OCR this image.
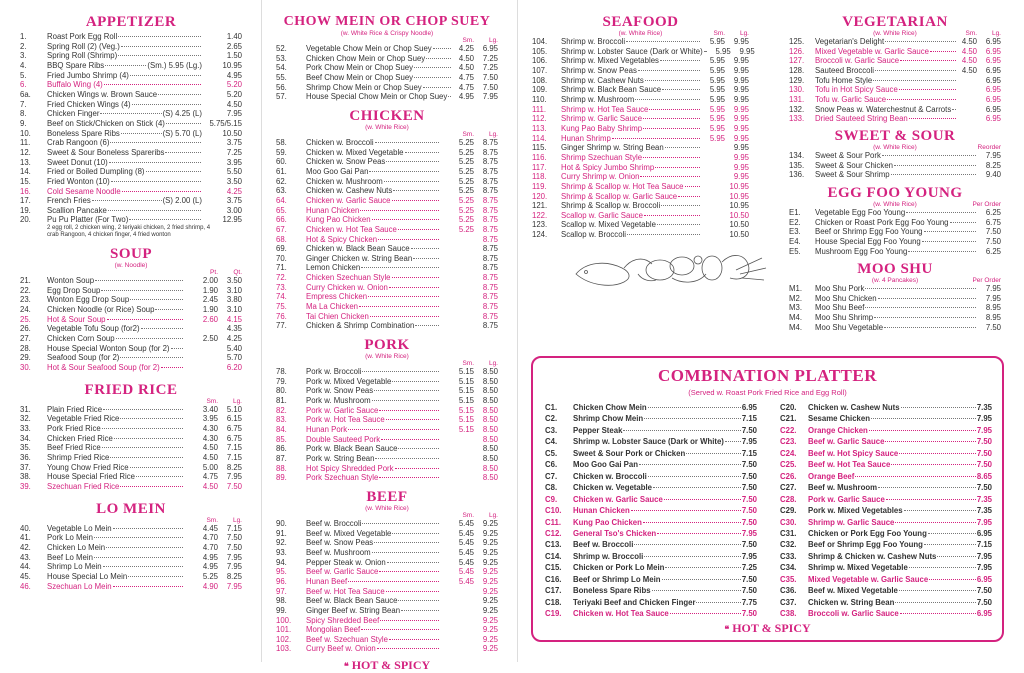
APPETIZER
1.	Roast Pork Egg Roll	1.40
2.	Spring Roll (2) (Veg.)	2.65
3.	Spring Roll (Shrimp)	1.50
4.	BBQ Spare Ribs	(Sm.) 5.95 (Lg.)	10.95
5.	Fried Jumbo Shrimp (4)	4.95
6.	Buffalo Wing (4)	5.20
6a.	Chicken Wings w. Brown Sauce	5.20
7.	Fried Chicken Wings (4)	4.50
8.	Chicken Finger	(S) 4.25 (L)	7.95
9.	Beef on Stick/Chicken on Stick (4)	5.75/5.15
10.	Boneless Spare Ribs	(S) 5.70 (L)	10.50
11.	Crab Rangoon (6)	3.75
12.	Sweet & Sour Boneless Spareribs	7.25
13.	Sweet Donut (10)	3.95
14.	Fried or Boiled Dumpling (8)	5.50
15.	Fried Wonton (10)	3.50
16.	Cold Sesame Noodle	4.25
17.	French Fries	(S) 2.00 (L)	3.75
19.	Scallion Pancake	3.00
20.	Pu Pu Platter (For Two)	12.95
2 egg roll, 2 chicken wing, 2 teriyaki chicken, 2 fried shrimp, 4 crab Rangoon, 4 chicken finger, 4 fried wonton
SOUP
(w. Noodle)
Pt.	Qt.
21.	Wonton Soup	2.00	3.50
22.	Egg Drop Soup	1.90	3.10
23.	Wonton Egg Drop Soup	2.45	3.80
24.	Chicken Noodle (or Rice) Soup	1.90	3.10
25.	Hot & Sour Soup	2.60	4.15
26.	Vegetable Tofu Soup (for2)	4.35
27.	Chicken Corn Soup	2.50	4.25
28.	House Special Wonton Soup (for 2)	5.40
29.	Seafood Soup (for 2)	5.70
30.	Hot & Sour Seafood Soup (for 2)	6.20
FRIED RICE
Sm.	Lg.
31.	Plain Fried Rice	3.40	5.10
32.	Vegetable Fried Rice	3.95	6.15
33.	Pork Fried Rice	4.30	6.75
34.	Chicken Fried Rice	4.30	6.75
35.	Beef Fried Rice	4.50	7.15
36.	Shrimp Fried Rice	4.50	7.15
37.	Young Chow Fried Rice	5.00	8.25
38.	House Special Fried Rice	4.75	7.95
39.	Szechuan Fried Rice	4.50	7.50
LO MEIN
Sm.	Lg.
40.	Vegetable Lo Mein	4.45	7.15
41.	Pork Lo Mein	4.70	7.50
42.	Chicken Lo Mein	4.70	7.50
43.	Beef Lo Mein	4.95	7.95
44.	Shrimp Lo Mein	4.95	7.95
45.	House Special Lo Mein	5.25	8.25
46.	Szechuan Lo Mein	4.90	7.95
CHOW MEIN OR CHOP SUEY
(w. White Rice & Crispy Noodle)
Sm.	Lg.
52.	Vegetable Chow Mein or Chop Suey	4.25	6.95
53.	Chicken Chow Mein or Chop Suey	4.50	7.25
54.	Pork Chow Mein or Chop Suey	4.50	7.25
55.	Beef Chow Mein or Chop Suey	4.75	7.50
56.	Shrimp Chow Mein or Chop Suey	4.75	7.50
57.	House Special Chow Mein or Chop Suey	4.95	7.95
CHICKEN
(w. White Rice)
Sm.	Lg.
58.	Chicken w. Broccoli	5.25	8.75
59.	Chicken w. Mixed Vegetable	5.25	8.75
60.	Chicken w. Snow Peas	5.25	8.75
61.	Moo Goo Gai Pan	5.25	8.75
62.	Chicken w. Mushroom	5.25	8.75
63.	Chicken w. Cashew Nuts	5.25	8.75
64.	Chicken w. Garlic Sauce	5.25	8.75
65.	Hunan Chicken	5.25	8.75
66.	Kung Pao Chicken	5.25	8.75
67.	Chicken w. Hot Tea Sauce	5.25	8.75
68.	Hot & Spicy Chicken	8.75
69.	Chicken w. Black Bean Sauce	8.75
70.	Ginger Chicken w. String Bean	8.75
71.	Lemon Chicken	8.75
72.	Chicken Szechuan Style	8.75
73.	Curry Chicken w. Onion	8.75
74.	Empress Chicken	8.75
75.	Ma La Chicken	8.75
76.	Tai Chien Chicken	8.75
77.	Chicken & Shrimp Combination	8.75
PORK
(w. White Rice)
Sm.	Lg.
78.	Pork w. Broccoli	5.15	8.50
79.	Pork w. Mixed Vegetable	5.15	8.50
80.	Pork w. Snow Peas	5.15	8.50
81.	Pork w. Mushroom	5.15	8.50
82.	Pork w. Garlic Sauce	5.15	8.50
83.	Pork w. Hot Tea Sauce	5.15	8.50
84.	Hunan Pork	5.15	8.50
85.	Double Sauteed Pork	8.50
86.	Pork w. Black Bean Sauce	8.50
87.	Pork w. String Bean	8.50
88.	Hot Spicy Shredded Pork	8.50
89.	Pork Szechuan Style	8.50
BEEF
(w. White Rice)
Sm.	Lg.
90.	Beef w. Broccoli	5.45	9.25
91.	Beef w. Mixed Vegetable	5.45	9.25
92.	Beef w. Snow Peas	5.45	9.25
93.	Beef w. Mushroom	5.45	9.25
94.	Pepper Steak w. Onion	5.45	9.25
95.	Beef w. Garlic Sauce	5.45	9.25
96.	Hunan Beef	5.45	9.25
97.	Beef w. Hot Tea Sauce	9.25
98.	Beef w. Black Bean Sauce	9.25
99.	Ginger Beef w. String Bean	9.25
100.	Spicy Shredded Beef	9.25
101.	Mongolian Beef	9.25
102.	Beef w. Szechuan Style	9.25
103.	Curry Beef w. Onion	9.25
❝ HOT & SPICY
SEAFOOD
(w. White Rice)	Sm.	Lg.
104.	Shrimp w. Broccoli	5.95	9.95
105.	Shrimp w. Lobster Sauce (Dark or White)	5.95	9.95
106.	Shrimp w. Mixed Vegetables	5.95	9.95
107.	Shrimp w. Snow Peas	5.95	9.95
108.	Shrimp w. Cashew Nuts	5.95	9.95
109.	Shrimp w. Black Bean Sauce	5.95	9.95
110.	Shrimp w. Mushroom	5.95	9.95
111.	Shrimp w. Hot Tea Sauce	5.95	9.95
112.	Shrimp w. Garlic Sauce	5.95	9.95
113.	Kung Pao Baby Shrimp	5.95	9.95
114.	Hunan Shrimp	5.95	9.95
115.	Ginger Shrimp w. String Bean	9.95
116.	Shrimp Szechuan Style	9.95
117.	Hot & Spicy Jumbo Shrimp	9.95
118.	Curry Shrimp w. Onion	9.95
119.	Shrimp & Scallop w. Hot Tea Sauce	10.95
120.	Shrimp & Scallop w. Garlic Sauce	10.95
121.	Shrimp & Scallop w. Broccoli	10.95
122.	Scallop w. Garlic Sauce	10.50
123.	Scallop w. Mixed Vegetable	10.50
124.	Scallop w. Broccoli	10.50
VEGETARIAN
(w. White Rice)	Sm.	Lg.
125.	Vegetarian's Delight	4.50	6.95
126.	Mixed Vegetable w. Garlic Sauce	4.50	6.95
127.	Broccoli w. Garlic Sauce	4.50	6.95
128.	Sauteed Broccoli	4.50	6.95
129.	Tofu Home Style	6.95
130.	Tofu in Hot Spicy Sauce	6.95
131.	Tofu w. Garlic Sauce	6.95
132.	Snow Peas w. Waterchestnut & Carrots	6.95
133.	Dried Sauteed String Bean	6.95
SWEET & SOUR
(w. White Rice)	Reorder
134.	Sweet & Sour Pork	7.95
135.	Sweet & Sour Chicken	8.25
136.	Sweet & Sour Shrimp	9.40
EGG FOO YOUNG
(w. White Rice)	Per Order
E1.	Vegetable Egg Foo Young	6.25
E2.	Chicken or Roast Pork Egg Foo Young	6.75
E3.	Beef or Shrimp Egg Foo Young	7.50
E4.	House Special Egg Foo Young	7.50
E5.	Mushroom Egg Foo Young	6.25
MOO SHU
(w. 4 Pancakes)	Per Order
M1.	Moo Shu Pork	7.95
M2.	Moo Shu Chicken	7.95
M3.	Moo Shu Beef	8.95
M4.	Moo Shu Shrimp	8.95
M4.	Moo Shu Vegetable	7.50
COMBINATION PLATTER
(Served w. Roast Pork Fried Rice and Egg Roll)
C1.	Chicken Chow Mein	6.95
C2.	Shrimp Chow Mein	7.15
C3.	Pepper Steak	7.50
C4.	Shrimp w. Lobster Sauce (Dark or White) 7.95
C5.	Sweet & Sour Pork or Chicken	7.15
C6.	Moo Goo Gai Pan	7.50
C7.	Chicken w. Broccoli	7.50
C8.	Chicken w. Vegetable	7.50
C9.	Chicken w. Garlic Sauce	7.50
C10.	Hunan Chicken	7.50
C11.	Kung Pao Chicken	7.50
C12.	General Tso's Chicken	7.95
C13.	Beef w. Broccoli	7.50
C14.	Shrimp w. Broccoli	7.95
C15.	Chicken or Pork Lo Mein	7.25
C16.	Beef or Shrimp Lo Mein	7.50
C17.	Boneless Spare Ribs	7.50
C18.	Teriyaki Beef and Chicken Finger	7.75
C19.	Chicken w. Hot Tea Sauce	7.50
C20.	Chicken w. Cashew Nuts	7.35
C21.	Sesame Chicken	7.95
C22.	Orange Chicken	7.95
C23.	Beef w. Garlic Sauce	7.50
C24.	Beef w. Hot Spicy Sauce	7.50
C25.	Beef w. Hot Tea Sauce	7.50
C26.	Orange Beef	8.65
C27.	Beef w. Mushroom	7.50
C28.	Pork w. Garlic Sauce	7.35
C29.	Pork w. Mixed Vegetables	7.35
C30.	Shrimp w. Garlic Sauce	7.95
C31.	Chicken or Pork Egg Foo Young	6.95
C32.	Beef or Shrimp Egg Foo Young	7.15
C33.	Shrimp & Chicken w. Cashew Nuts	7.95
C34.	Shrimp w. Mixed Vegetable	7.95
C35.	Mixed Vegetable w. Garlic Sauce	6.95
C36.	Beef w. Mixed Vegetable	7.50
C37.	Chicken w. String Bean	7.50
C38.	Broccoli w. Garlic Sauce	6.95
❝ HOT & SPICY
